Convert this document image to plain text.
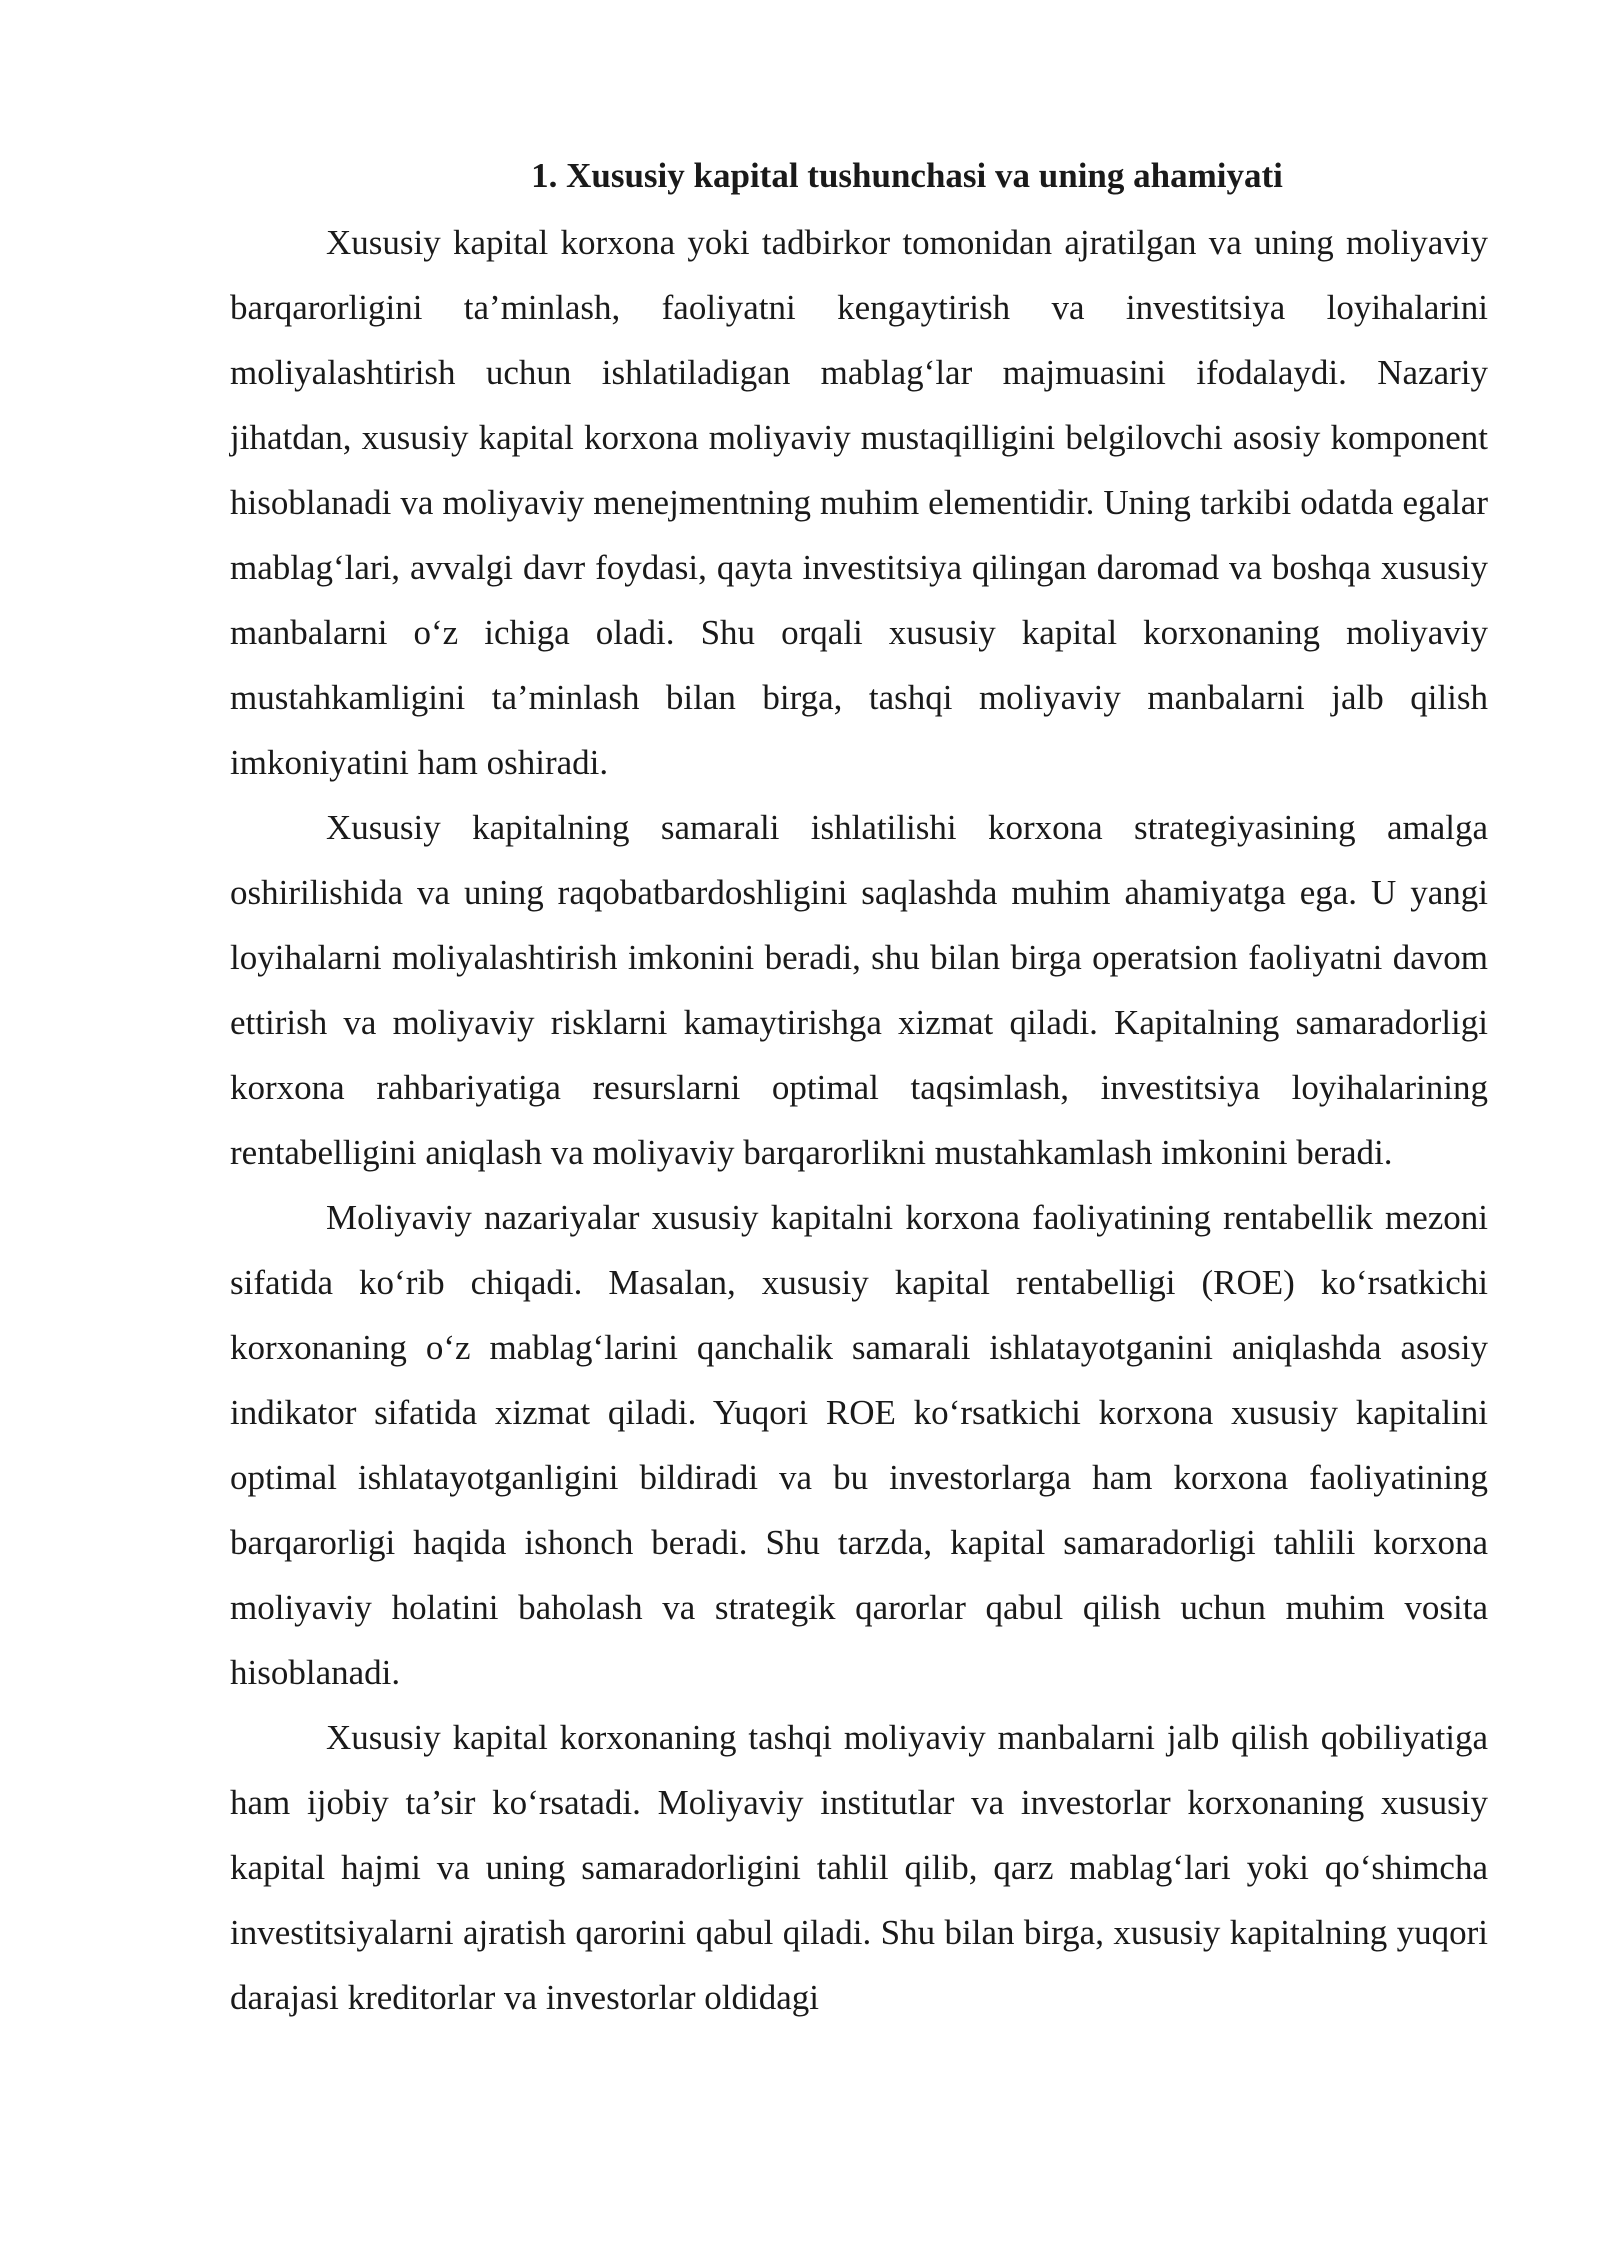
1. Xususiy kapital tushunchasi va uning ahamiyati

Xususiy kapital korxona yoki tadbirkor tomonidan ajratilgan va uning moliyaviy barqarorligini ta’minlash, faoliyatni kengaytirish va investitsiya loyihalarini moliyalashtirish uchun ishlatiladigan mablag‘lar majmuasini ifodalaydi. Nazariy jihatdan, xususiy kapital korxona moliyaviy mustaqilligini belgilovchi asosiy komponent hisoblanadi va moliyaviy menejmentning muhim elementidir. Uning tarkibi odatda egalar mablag‘lari, avvalgi davr foydasi, qayta investitsiya qilingan daromad va boshqa xususiy manbalarni o‘z ichiga oladi. Shu orqali xususiy kapital korxonaning moliyaviy mustahkamligini ta’minlash bilan birga, tashqi moliyaviy manbalarni jalb qilish imkoniyatini ham oshiradi.

Xususiy kapitalning samarali ishlatilishi korxona strategiyasining amalga oshirilishida va uning raqobatbardoshligini saqlashda muhim ahamiyatga ega. U yangi loyihalarni moliyalashtirish imkonini beradi, shu bilan birga operatsion faoliyatni davom ettirish va moliyaviy risklarni kamaytirishga xizmat qiladi. Kapitalning samaradorligi korxona rahbariyatiga resurslarni optimal taqsimlash, investitsiya loyihalarining rentabelligini aniqlash va moliyaviy barqarorlikni mustahkamlash imkonini beradi.

Moliyaviy nazariyalar xususiy kapitalni korxona faoliyatining rentabellik mezoni sifatida ko‘rib chiqadi. Masalan, xususiy kapital rentabelligi (ROE) ko‘rsatkichi korxonaning o‘z mablag‘larini qanchalik samarali ishlatayotganini aniqlashda asosiy indikator sifatida xizmat qiladi. Yuqori ROE ko‘rsatkichi korxona xususiy kapitalini optimal ishlatayotganligini bildiradi va bu investorlarga ham korxona faoliyatining barqarorligi haqida ishonch beradi. Shu tarzda, kapital samaradorligi tahlili korxona moliyaviy holatini baholash va strategik qarorlar qabul qilish uchun muhim vosita hisoblanadi.

Xususiy kapital korxonaning tashqi moliyaviy manbalarni jalb qilish qobiliyatiga ham ijobiy ta’sir ko‘rsatadi. Moliyaviy institutlar va investorlar korxonaning xususiy kapital hajmi va uning samaradorligini tahlil qilib, qarz mablag‘lari yoki qo‘shimcha investitsiyalarni ajratish qarorini qabul qiladi. Shu bilan birga, xususiy kapitalning yuqori darajasi kreditorlar va investorlar oldidagi
